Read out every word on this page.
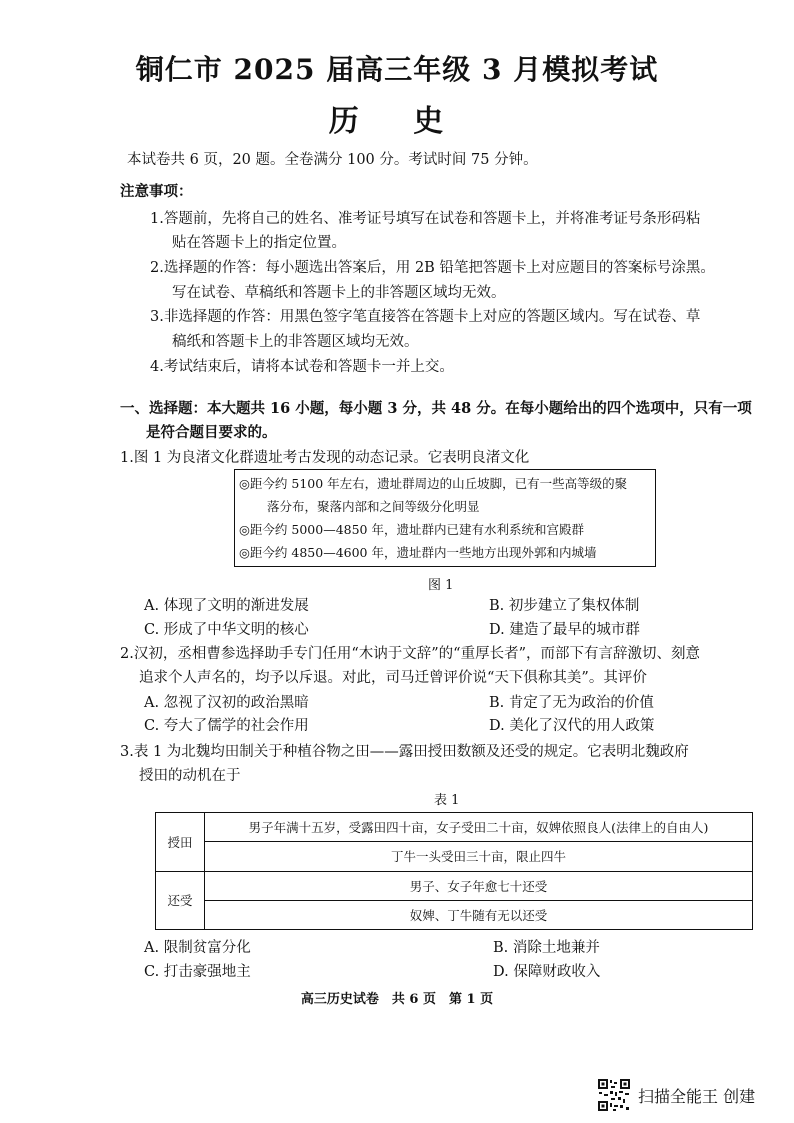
铜仁市 2025 届高三年级 3 月模拟考试
历 史
本试卷共 6 页，20 题。全卷满分 100 分。考试时间 75 分钟。
注意事项：
1.答题前，先将自己的姓名、准考证号填写在试卷和答题卡上，并将准考证号条形码粘
贴在答题卡上的指定位置。
2.选择题的作答：每小题选出答案后，用 2B 铅笔把答题卡上对应题目的答案标号涂黑。
写在试卷、草稿纸和答题卡上的非答题区域均无效。
3.非选择题的作答：用黑色签字笔直接答在答题卡上对应的答题区域内。写在试卷、草
稿纸和答题卡上的非答题区域均无效。
4.考试结束后，请将本试卷和答题卡一并上交。
一、选择题：本大题共 16 小题，每小题 3 分，共 48 分。在每小题给出的四个选项中，只有一项
是符合题目要求的。
1.图 1 为良渚文化群遗址考古发现的动态记录。它表明良渚文化
◎距今约 5100 年左右，遗址群周边的山丘坡脚，已有一些高等级的聚
落分布，聚落内部和之间等级分化明显
◎距今约 5000—4850 年，遗址群内已建有水利系统和宫殿群
◎距今约 4850—4600 年，遗址群内一些地方出现外郭和内城墙
图 1
A. 体现了文明的渐进发展	B. 初步建立了集权体制
C. 形成了中华文明的核心	D. 建造了最早的城市群
2.汉初，丞相曹参选择助手专门任用“木讷于文辞”的“重厚长者”，而部下有言辞激切、刻意
追求个人声名的，均予以斥退。对此，司马迁曾评价说“天下俱称其美”。其评价
A. 忽视了汉初的政治黑暗	B. 肯定了无为政治的价值
C. 夸大了儒学的社会作用	D. 美化了汉代的用人政策
3.表 1 为北魏均田制关于种植谷物之田——露田授田数额及还受的规定。它表明北魏政府
授田的动机在于
表 1
授田	男子年满十五岁，受露田四十亩，女子受田二十亩，奴婢依照良人(法律上的自由人)
	丁牛一头受田三十亩，限止四牛
还受	男子、女子年愈七十还受
	奴婢、丁牛随有无以还受
A. 限制贫富分化	B. 消除土地兼并
C. 打击豪强地主	D. 保障财政收入
高三历史试卷　共 6 页　第 1 页
扫描全能王 创建
